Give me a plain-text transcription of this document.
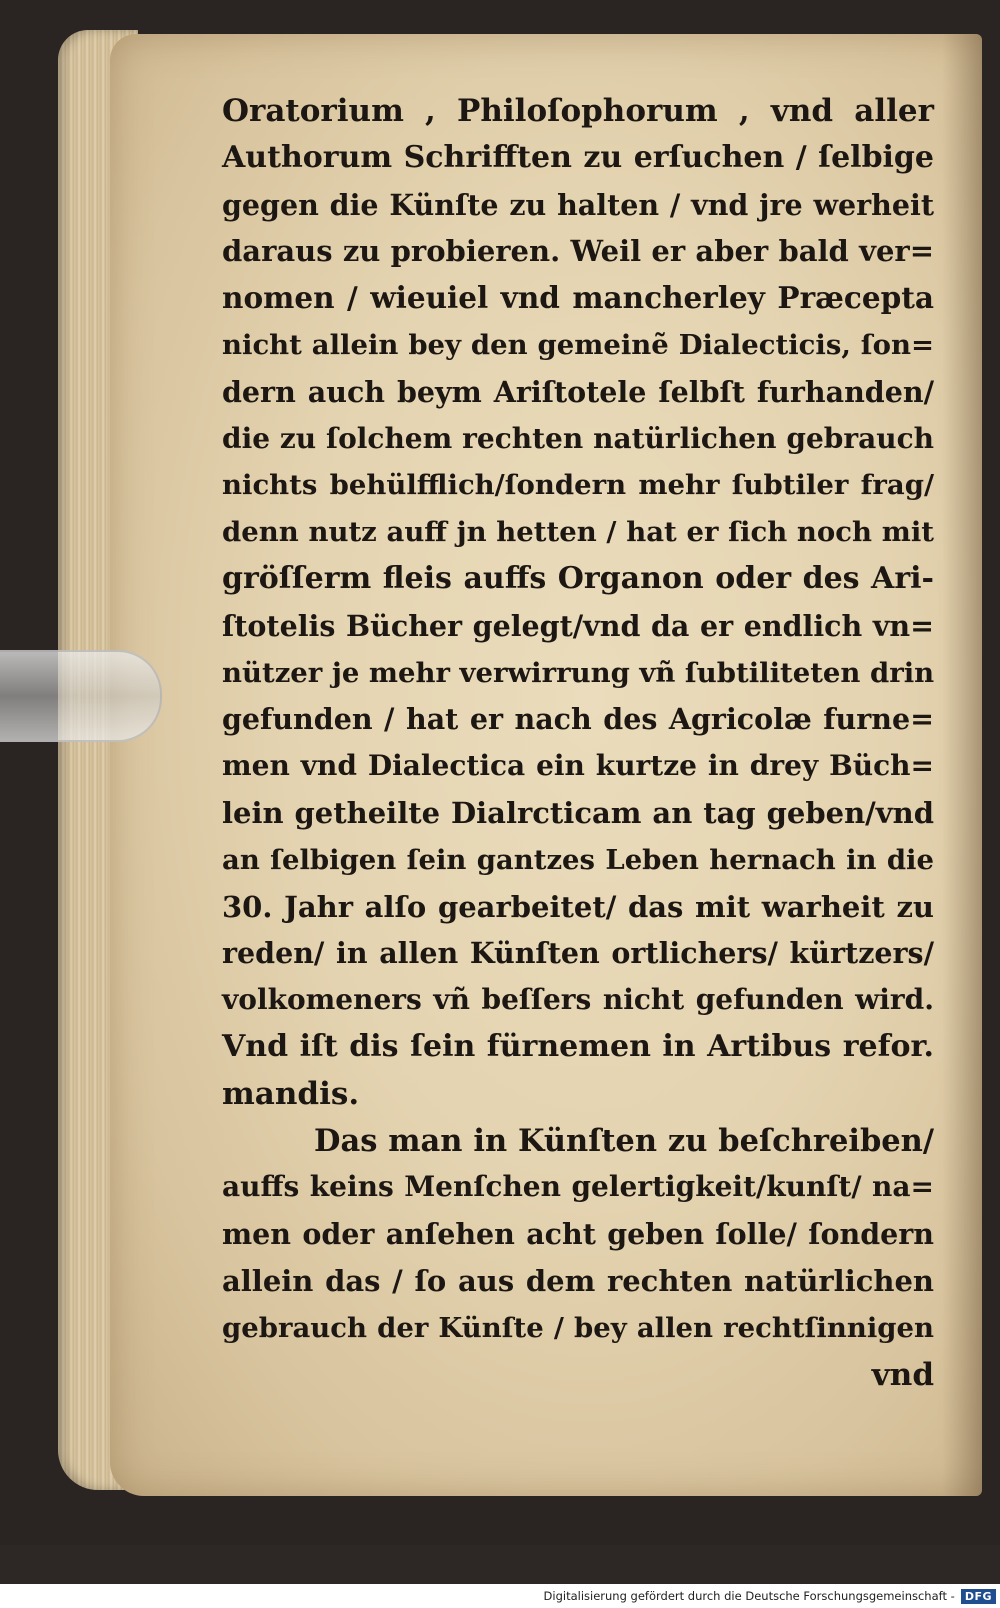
Oratorium , Philoſophorum , vnd aller
Authorum Schrifften zu erſuchen / ſelbige
gegen die Künſte zu halten / vnd jre werheit
daraus zu probieren. Weil er aber bald ver=
nomen / wieuiel vnd mancherley Præcepta
nicht allein bey den gemeinẽ Dialecticis, ſon=
dern auch beym Ariſtotele ſelbſt furhanden/
die zu ſolchem rechten natürlichen gebrauch
nichts behülfflich/ſondern mehr ſubtiler frag/
denn nutz auff jn hetten / hat er ſich noch mit
gröſſerm fleis auffs Organon oder des Ari-
ſtotelis Bücher gelegt/vnd da er endlich vn=
nützer je mehr verwirrung vñ ſubtiliteten drin
gefunden / hat er nach des Agricolæ furne=
men vnd Dialectica ein kurtze in drey Büch=
lein getheilte Dialrcticam an tag geben/vnd
an ſelbigen ſein gantzes Leben hernach in die
30. Jahr alſo gearbeitet/ das mit warheit zu
reden/ in allen Künſten ortlichers/ kürtzers/
volkomeners vñ beſſers nicht gefunden wird.
Vnd iſt dis ſein fürnemen in Artibus refor.
mandis.
Das man in Künſten zu beſchreiben/
auffs keins Menſchen gelertigkeit/kunſt/ na=
men oder anſehen acht geben ſolle/ ſondern
allein das / ſo aus dem rechten natürlichen
gebrauch der Künſte / bey allen rechtſinnigen
vnd
Digitalisierung gefördert durch die Deutsche Forschungsgemeinschaft - DFG
